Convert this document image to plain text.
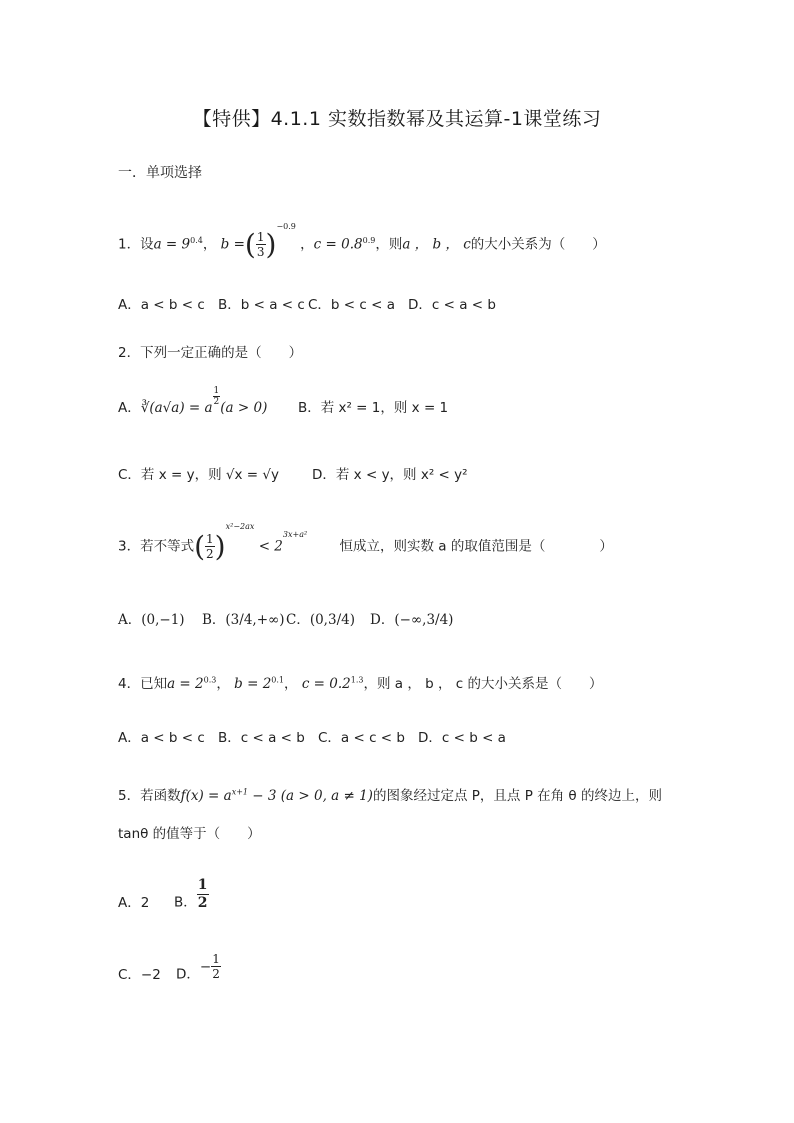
【特供】4.1.1 实数指数幂及其运算-1课堂练习
一．单项选择
1．设$a = 9^{0.4}$， b =( $\frac{1}{3} )^{-0.9}$ ，$c = 0.8^{0.9}$，则a ， b ， c的大小关系为（　　）
A．a < b < c B．b < a < c C．b < c < a D．c < a < b
2．下列一定正确的是（　　）
A．∛(a√a) = a
$\frac{1}{2}$
(a > 0) B．若 x² = 1，则 x = 1
C．若 x = y，则 √x = √y D．若 x < y，则 x² < y²
3．若不等式( $\frac{1}{2} )^{x^2-2ax} < 2^{3x+a^2}$ 恒成立，则实数 a 的取值范围是（　　　　）
A．(0,−1) B．(3/4,+∞)C．(0,3/4) D．(−∞,3/4)
4．已知$a = 2^{0.3}$， $b = 2^{0.1}$， $c = 0.2^{1.3}$，则 a ， b ， c 的大小关系是（　　）
A．a < b < c B．c < a < b C．a < c < b D．c < b < a
5．若函数$f(x) = a^{x+1} - 3$ (a > 0, a ≠ 1)的图象经过定点 P，且点 P 在角 θ 的终边上，则
tanθ 的值等于（　　）
A．2 B． $\frac{1}{2}$
C．−2 D．− $\frac{1}{2}$
